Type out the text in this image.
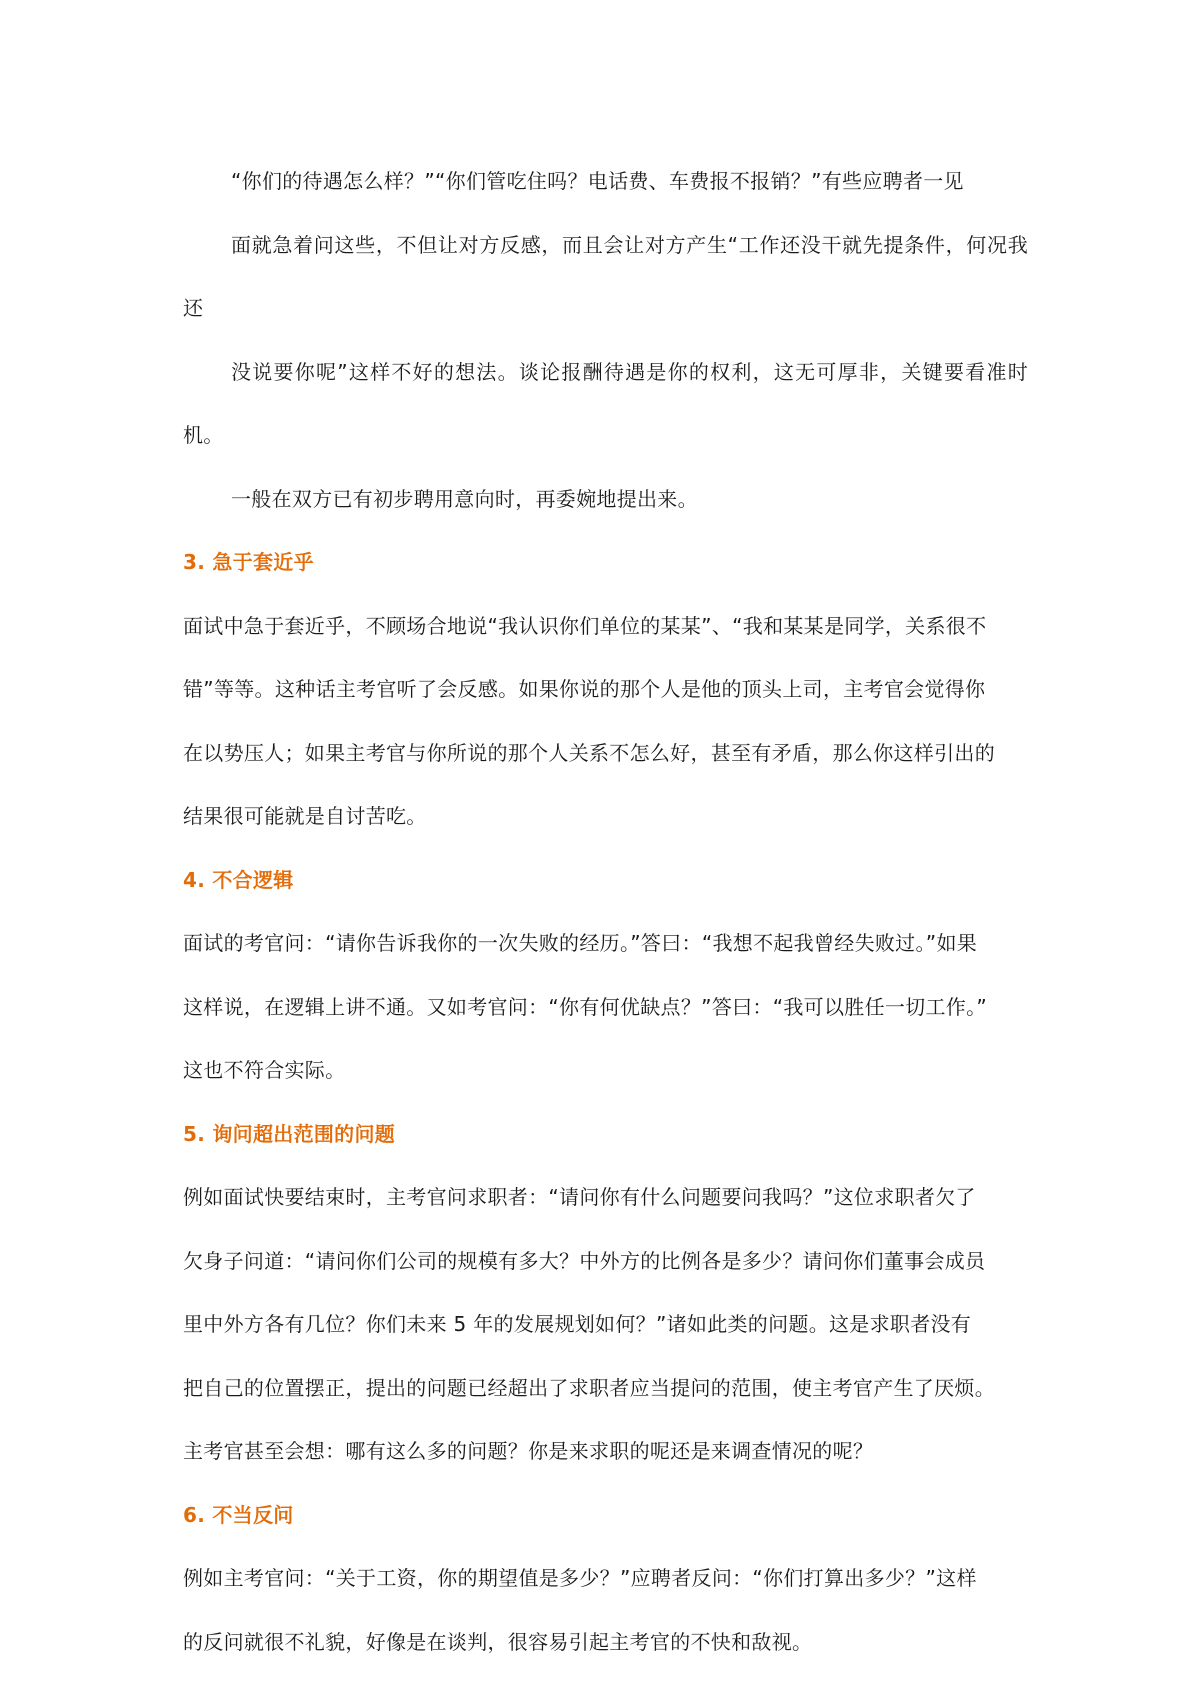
“你们的待遇怎么样？”“你们管吃住吗？电话费、车费报不报销？”有些应聘者一见
面就急着问这些，不但让对方反感，而且会让对方产生“工作还没干就先提条件，何况我还
没说要你呢”这样不好的想法。谈论报酬待遇是你的权利，这无可厚非，关键要看准时机。
一般在双方已有初步聘用意向时，再委婉地提出来。
3. 急于套近乎
面试中急于套近乎，不顾场合地说“我认识你们单位的某某”、“我和某某是同学，关系很不
错”等等。这种话主考官听了会反感。如果你说的那个人是他的顶头上司，主考官会觉得你
在以势压人；如果主考官与你所说的那个人关系不怎么好，甚至有矛盾，那么你这样引出的
结果很可能就是自讨苦吃。
4. 不合逻辑
面试的考官问：“请你告诉我你的一次失败的经历。”答曰：“我想不起我曾经失败过。”如果
这样说，在逻辑上讲不通。又如考官问：“你有何优缺点？”答曰：“我可以胜任一切工作。”
这也不符合实际。
5. 询问超出范围的问题
例如面试快要结束时，主考官问求职者：“请问你有什么问题要问我吗？”这位求职者欠了
欠身子问道：“请问你们公司的规模有多大？中外方的比例各是多少？请问你们董事会成员
里中外方各有几位？你们未来 5 年的发展规划如何？”诸如此类的问题。这是求职者没有
把自己的位置摆正，提出的问题已经超出了求职者应当提问的范围，使主考官产生了厌烦。
主考官甚至会想：哪有这么多的问题？你是来求职的呢还是来调查情况的呢？
6. 不当反问
例如主考官问：“关于工资，你的期望值是多少？”应聘者反问：“你们打算出多少？”这样
的反问就很不礼貌，好像是在谈判，很容易引起主考官的不快和敌视。
